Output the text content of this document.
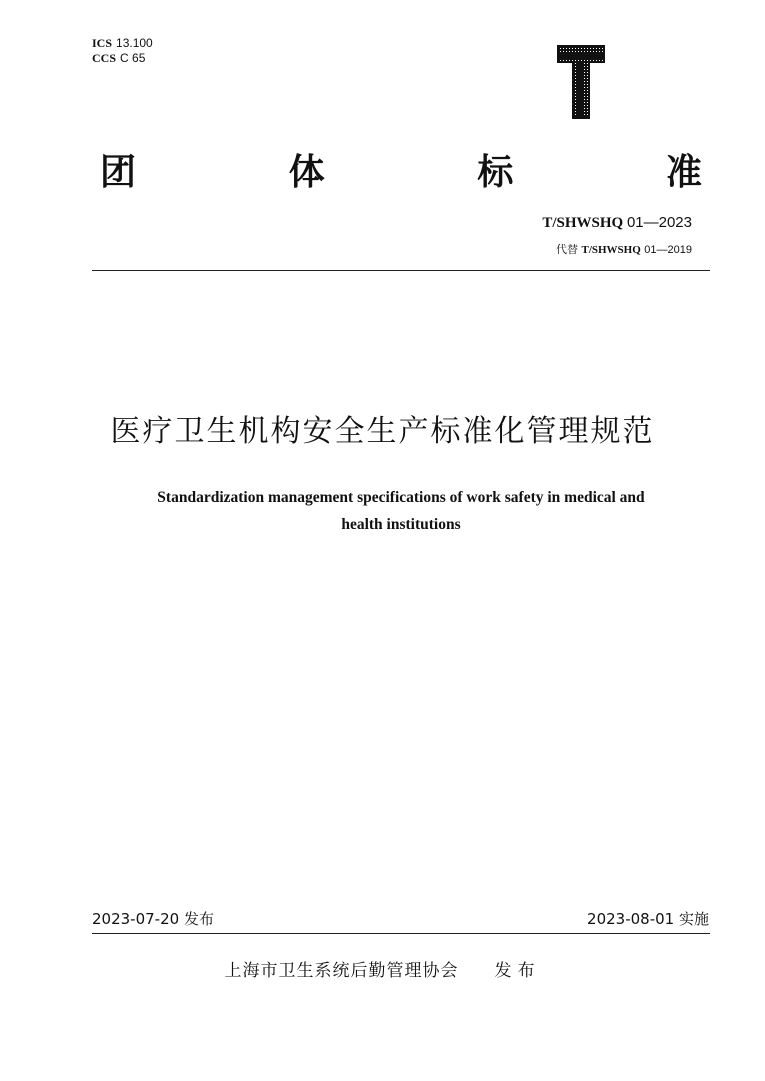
ICS 13.100
CCS C 65
团	体	标	准
T/SHWSHQ 01—2023
代替 T/SHWSHQ 01—2019
医疗卫生机构安全生产标准化管理规范
Standardization management specifications of work safety in medical and
health institutions
2023-07-20 发布	2023-08-01 实施
上海市卫生系统后勤管理协会 发布
